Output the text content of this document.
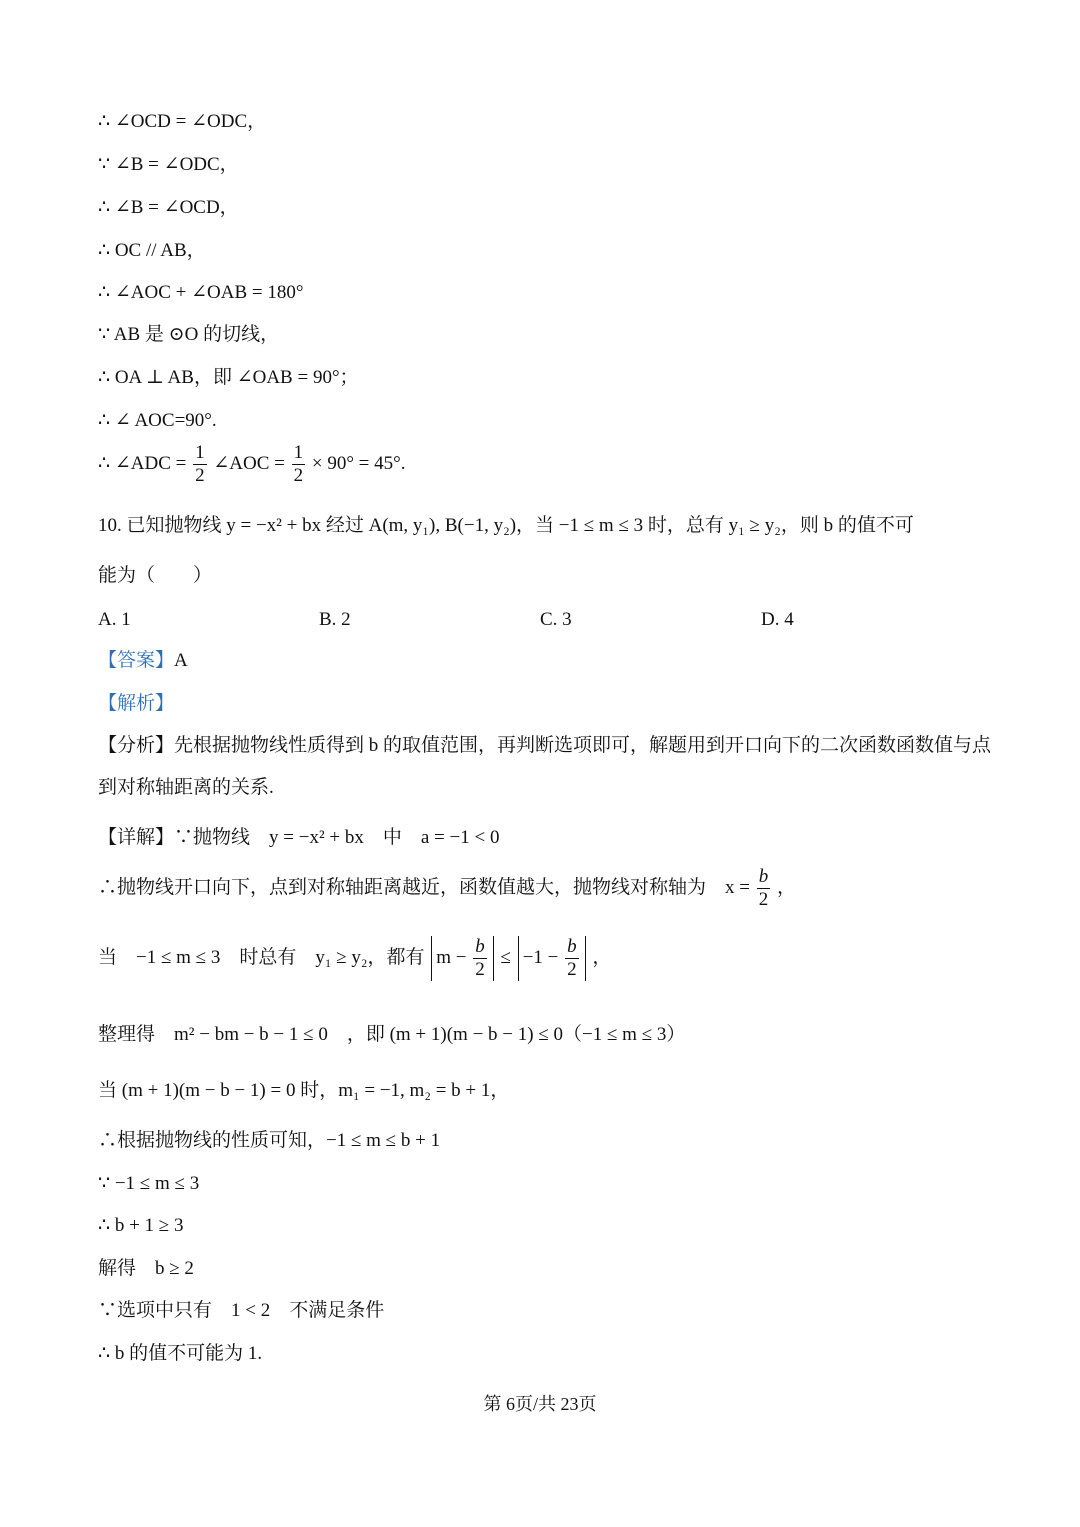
∴ ∠OCD = ∠ODC，
∵ ∠B = ∠ODC，
∴ ∠B = ∠OCD，
∴ OC // AB，
∴ ∠AOC + ∠OAB = 180°
∵ AB 是 ⊙O 的切线，
∴ OA ⊥ AB，即 ∠OAB = 90°；
∴ ∠ AOC=90°.
∴ ∠ADC = $\frac{1}{2}$ ∠AOC = $\frac{1}{2} \times 90^\circ = 45^\circ$.
10. 已知抛物线 y = −x² + bx 经过 A(m, y₁), B(−1, y₂)，当 −1 ≤ m ≤ 3 时，总有 y₁ ≥ y₂，则 b 的值不可
能为（　　）
A. 1	B. 2	C. 3	D. 4
【答案】A
【解析】
【分析】先根据抛物线性质得到 b 的取值范围，再判断选项即可，解题用到开口向下的二次函数函数值与点
到对称轴距离的关系.
【详解】∵抛物线　y = −x² + bx　中　a = −1 < 0
∴抛物线开口向下，点到对称轴距离越近，函数值越大，抛物线对称轴为　$x = \frac{b}{2}$ ，
当　−1 ≤ m ≤ 3　时总有　y₁ ≥ y₂，都有 $m - \frac{b}{2} \le -1 - \frac{b}{2}$ ，
整理得　m² − bm − b − 1 ≤ 0　，即 (m + 1)(m − b − 1) ≤ 0（−1 ≤ m ≤ 3）
当 (m + 1)(m − b − 1) = 0 时，m₁ = −1, m₂ = b + 1，
∴根据抛物线的性质可知，−1 ≤ m ≤ b + 1
∵ −1 ≤ m ≤ 3
∴ b + 1 ≥ 3
解得　b ≥ 2
∵选项中只有　1 < 2　不满足条件
∴ b 的值不可能为 1.
第 6页/共 23页
